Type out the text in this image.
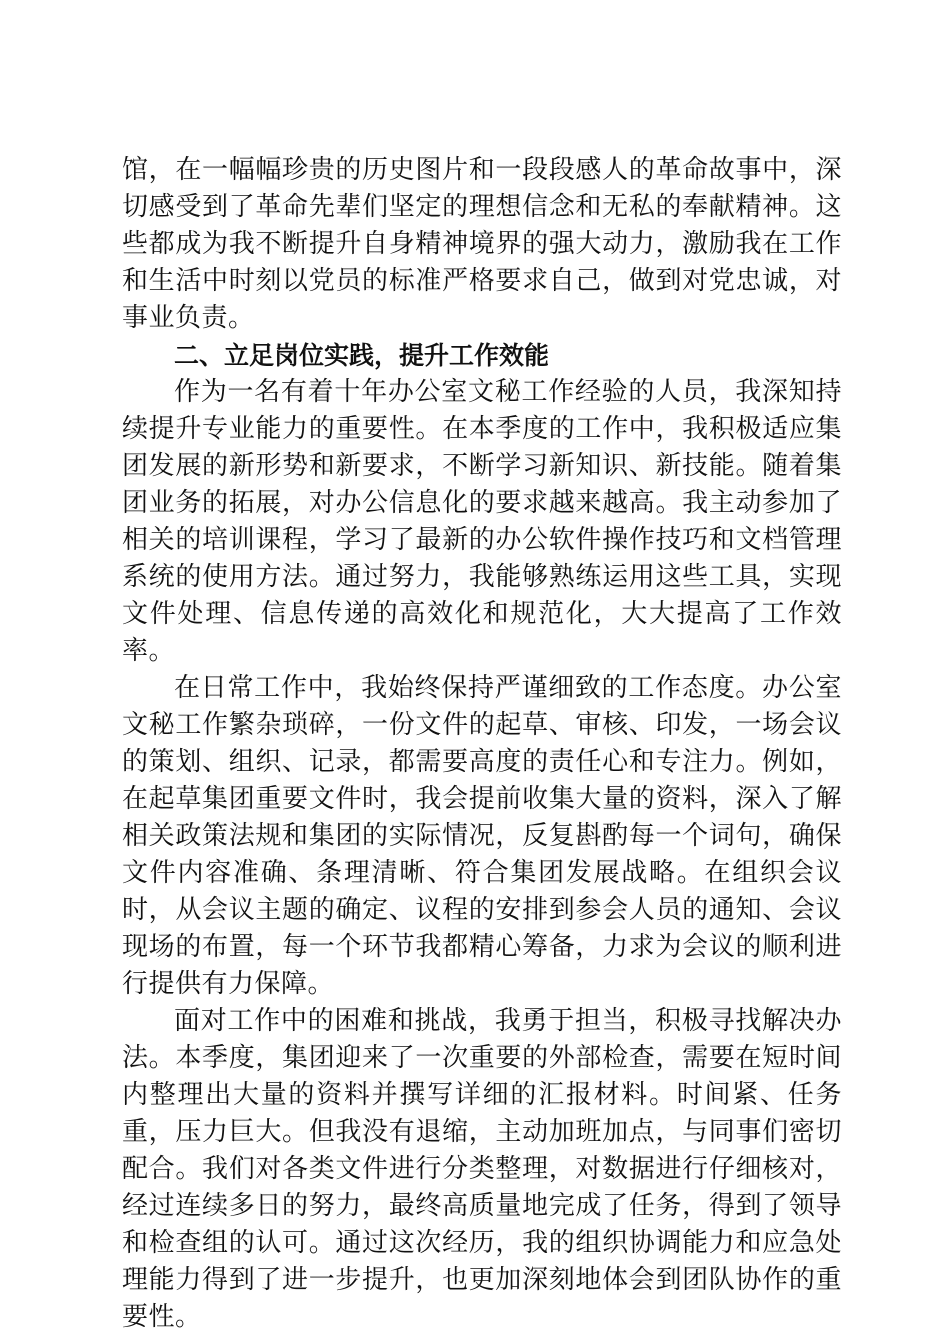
馆，在一幅幅珍贵的历史图片和一段段感人的革命故事中，深切感受到了革命先辈们坚定的理想信念和无私的奉献精神。这些都成为我不断提升自身精神境界的强大动力，激励我在工作和生活中时刻以党员的标准严格要求自己，做到对党忠诚，对事业负责。

二、立足岗位实践，提升工作效能

作为一名有着十年办公室文秘工作经验的人员，我深知持续提升专业能力的重要性。在本季度的工作中，我积极适应集团发展的新形势和新要求，不断学习新知识、新技能。随着集团业务的拓展，对办公信息化的要求越来越高。我主动参加了相关的培训课程，学习了最新的办公软件操作技巧和文档管理系统的使用方法。通过努力，我能够熟练运用这些工具，实现文件处理、信息传递的高效化和规范化，大大提高了工作效率。

在日常工作中，我始终保持严谨细致的工作态度。办公室文秘工作繁杂琐碎，一份文件的起草、审核、印发，一场会议的策划、组织、记录，都需要高度的责任心和专注力。例如，在起草集团重要文件时，我会提前收集大量的资料，深入了解相关政策法规和集团的实际情况，反复斟酌每一个词句，确保文件内容准确、条理清晰、符合集团发展战略。在组织会议时，从会议主题的确定、议程的安排到参会人员的通知、会议现场的布置，每一个环节我都精心筹备，力求为会议的顺利进行提供有力保障。

面对工作中的困难和挑战，我勇于担当，积极寻找解决办法。本季度，集团迎来了一次重要的外部检查，需要在短时间内整理出大量的资料并撰写详细的汇报材料。时间紧、任务重，压力巨大。但我没有退缩，主动加班加点，与同事们密切配合。我们对各类文件进行分类整理，对数据进行仔细核对，经过连续多日的努力，最终高质量地完成了任务，得到了领导和检查组的认可。通过这次经历，我的组织协调能力和应急处理能力得到了进一步提升，也更加深刻地体会到团队协作的重要性。
